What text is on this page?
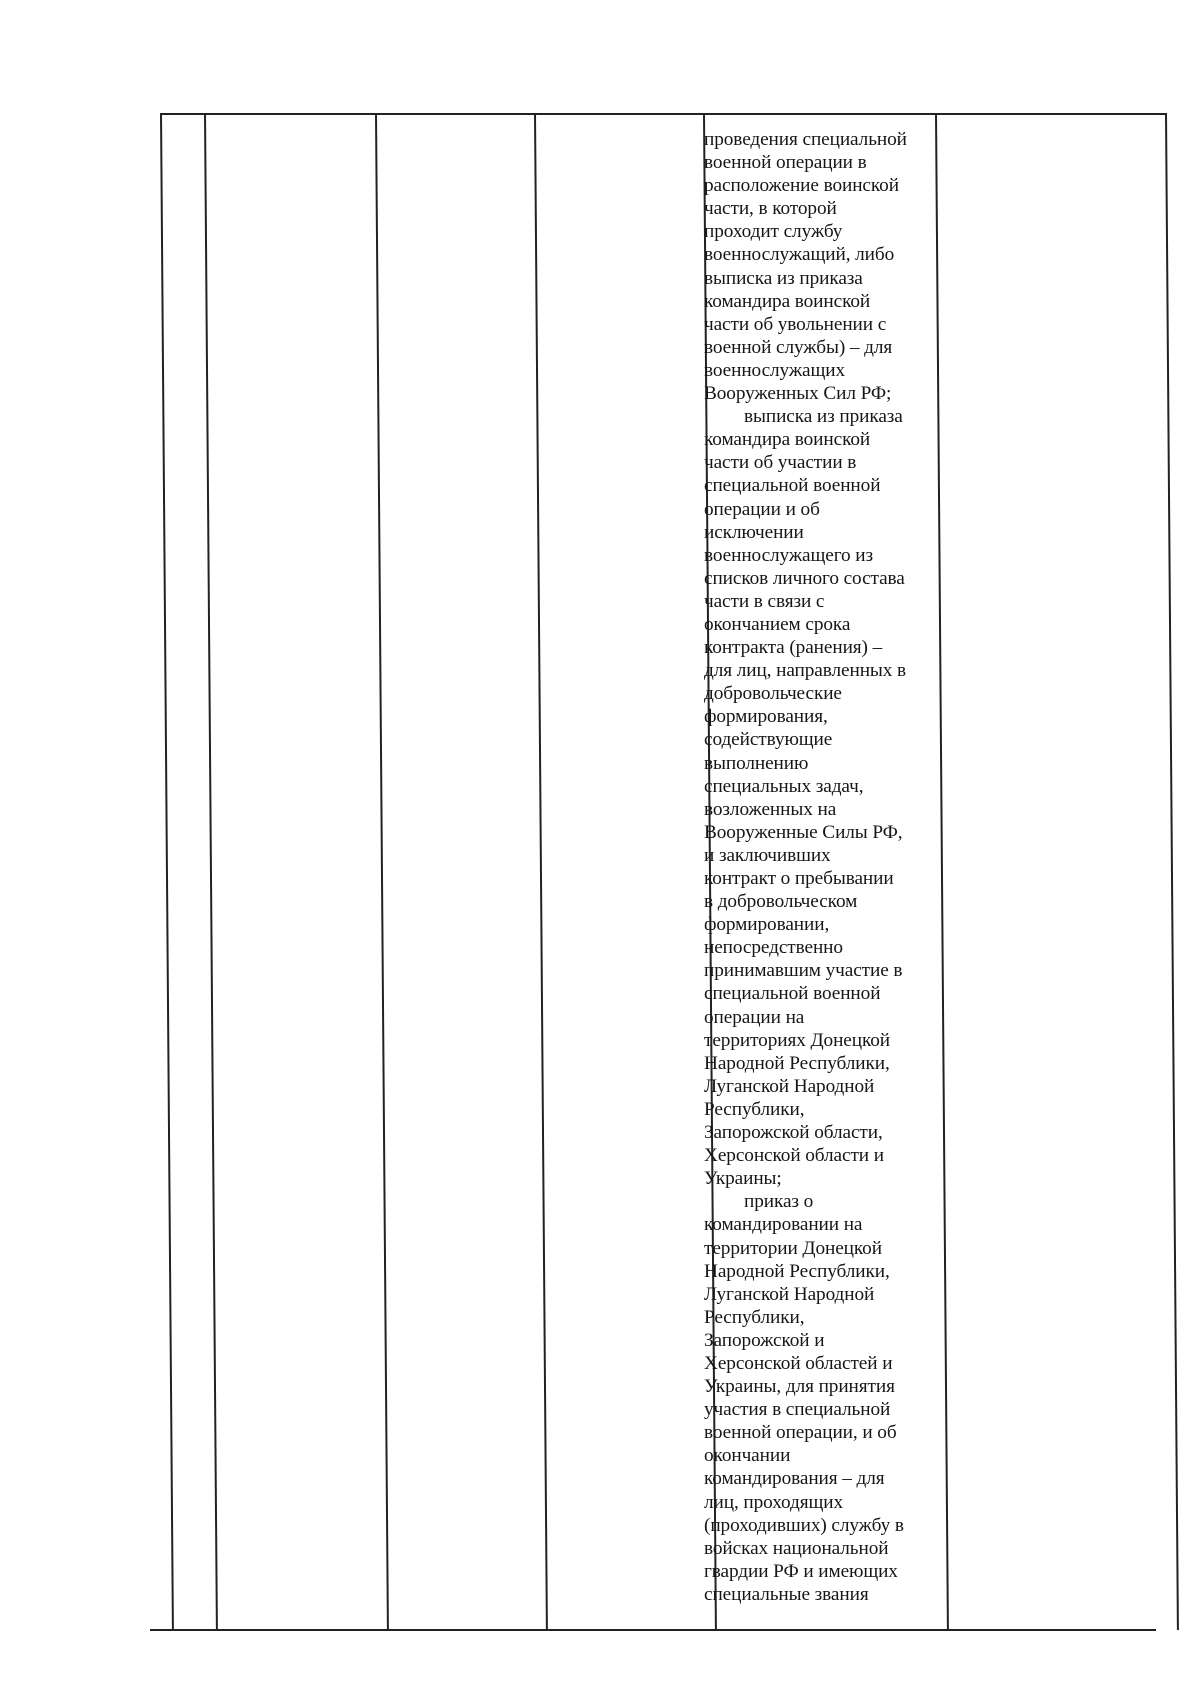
проведения специальной
военной операции в
расположение воинской
части, в которой
проходит службу
военнослужащий, либо
выписка из приказа
командира воинской
части об увольнении с
военной службы) – для
военнослужащих
Вооруженных Сил РФ;

выписка из приказа
командира воинской
части об участии в
специальной военной
операции и об
исключении
военнослужащего из
списков личного состава
части в связи с
окончанием срока
контракта (ранения) –
для лиц, направленных в
добровольческие
формирования,
содействующие
выполнению
специальных задач,
возложенных на
Вооруженные Силы РФ,
и заключивших
контракт о пребывании
в добровольческом
формировании,
непосредственно
принимавшим участие в
специальной военной
операции на
территориях Донецкой
Народной Республики,
Луганской Народной
Республики,
Запорожской области,
Херсонской области и
Украины;

приказ о
командировании на
территории Донецкой
Народной Республики,
Луганской Народной
Республики,
Запорожской и
Херсонской областей и
Украины, для принятия
участия в специальной
военной операции, и об
окончании
командирования – для
лиц, проходящих
(проходивших) службу в
войсках национальной
гвардии РФ и имеющих
специальные звания
